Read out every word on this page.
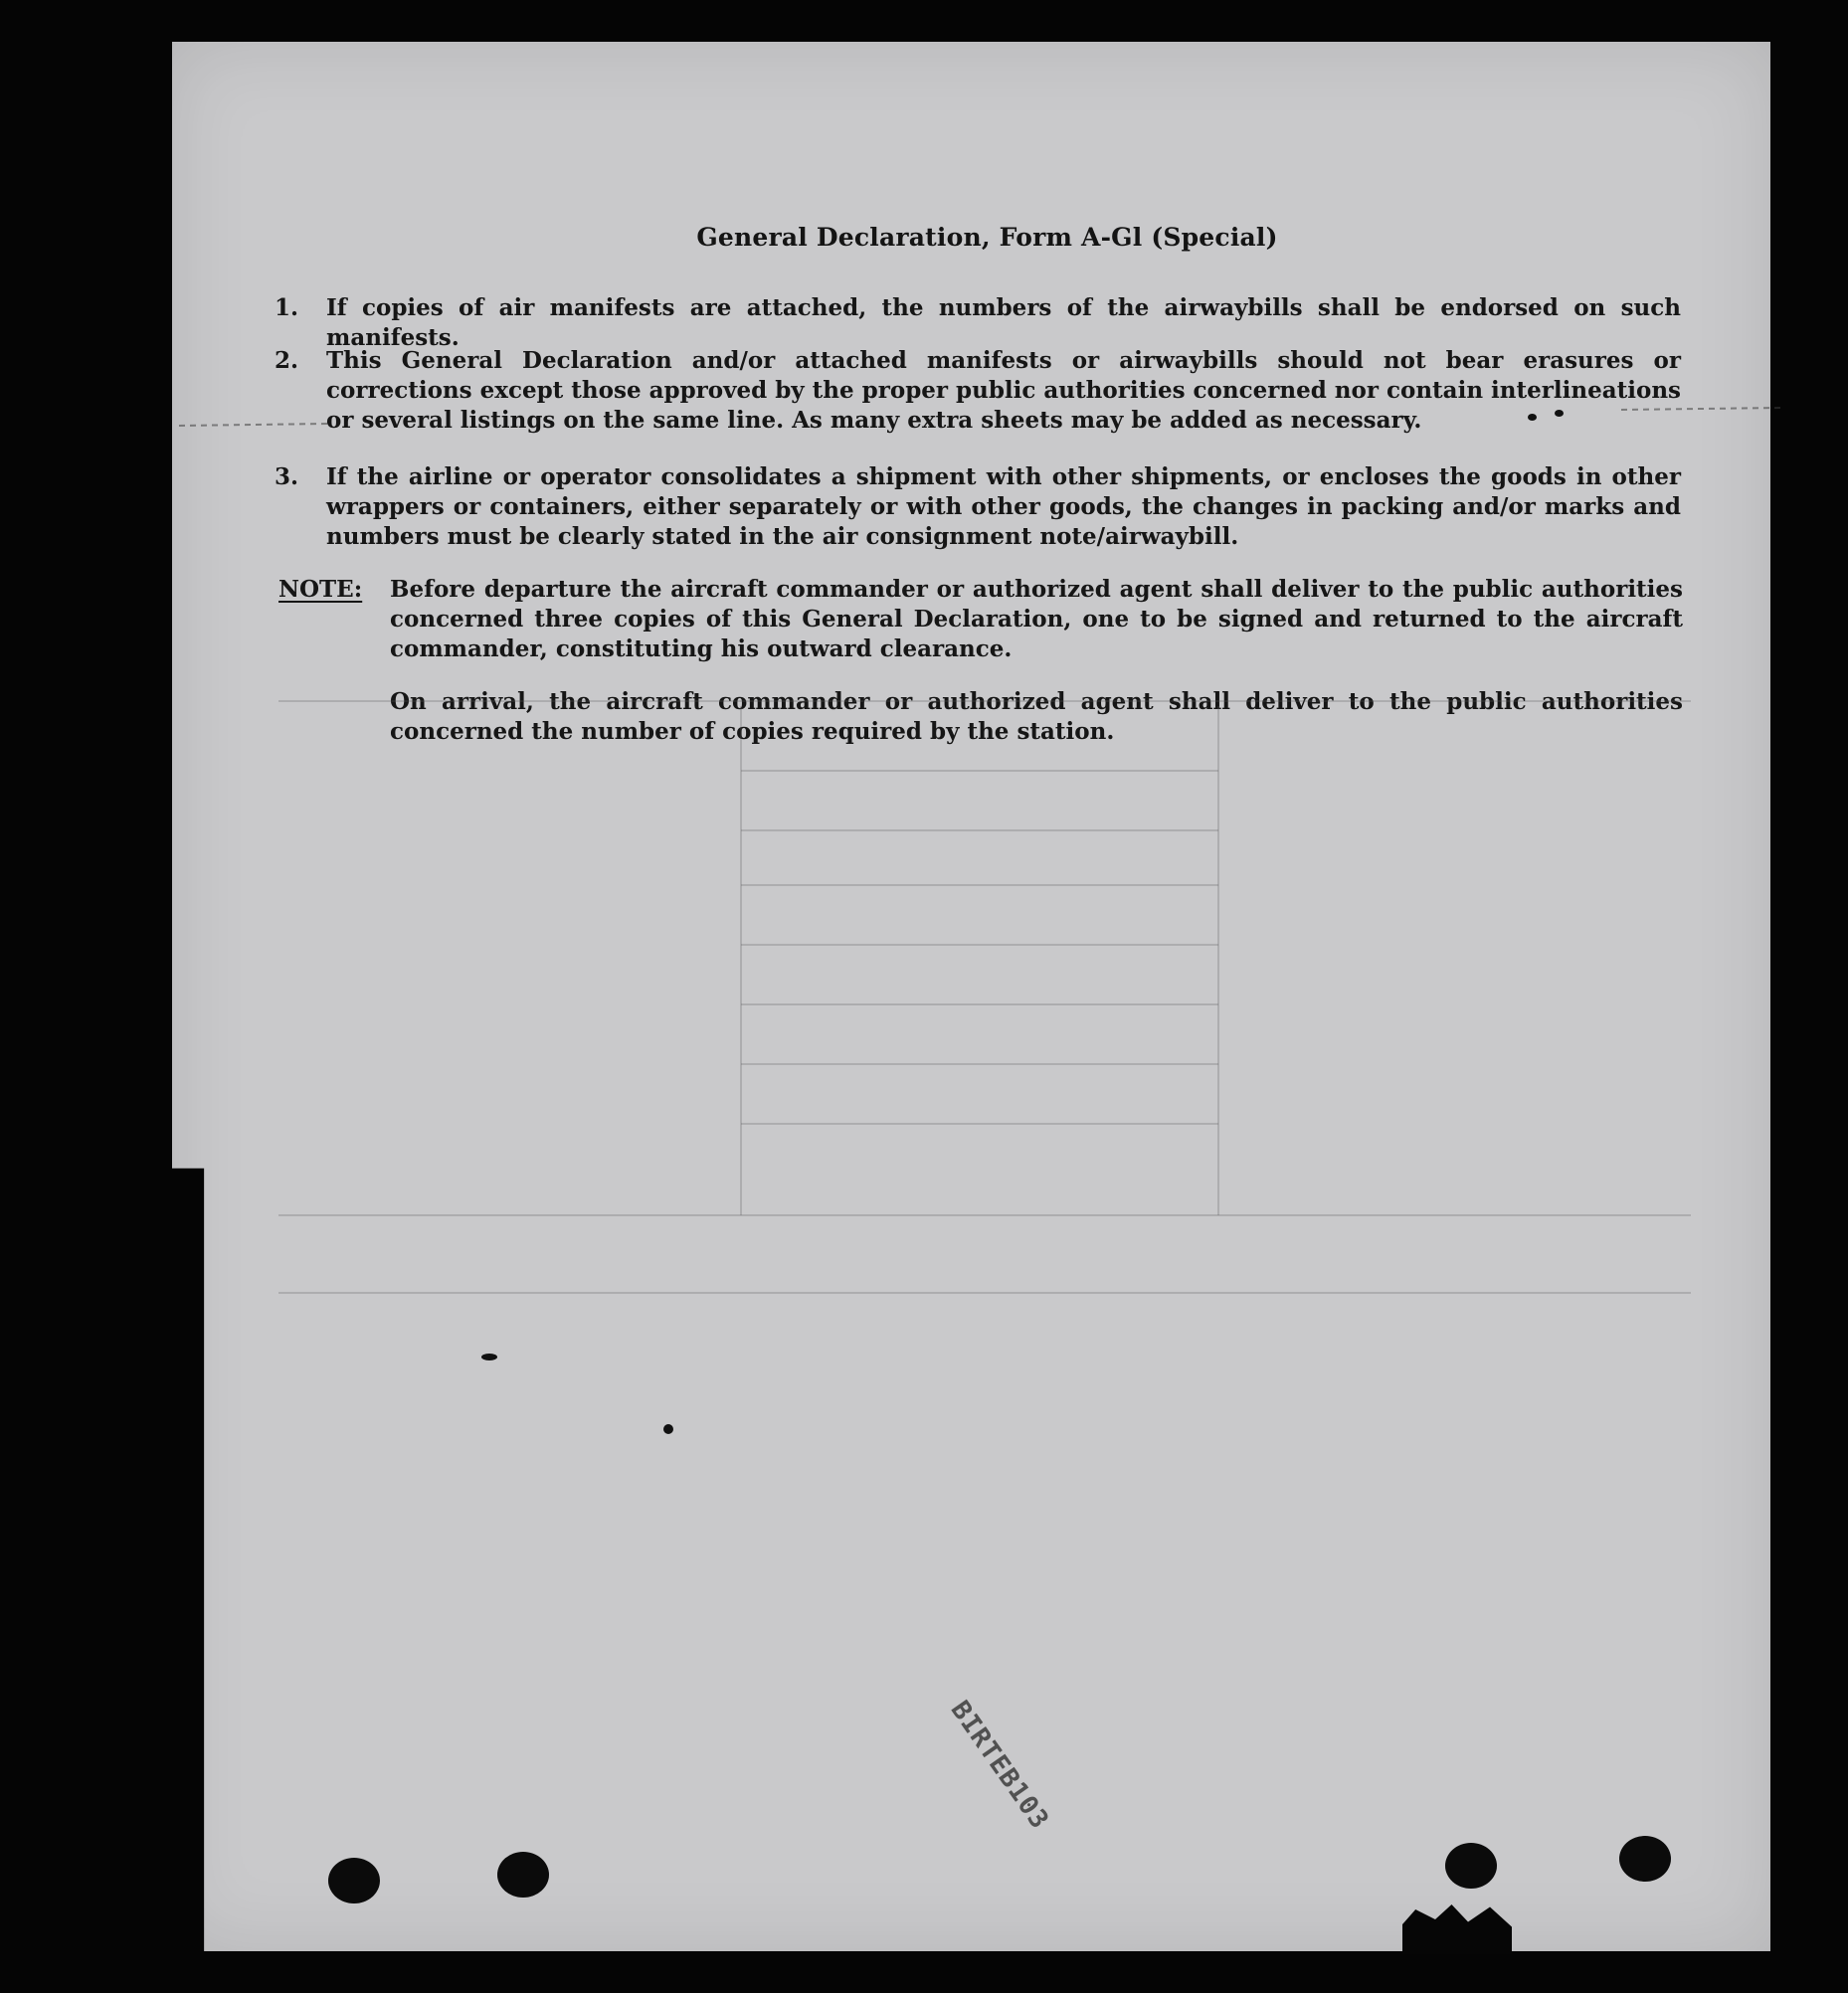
General Declaration, Form A-Gl (Special)
1. If copies of air manifests are attached, the numbers of the airwaybills shall be endorsed on such manifests.
2. This General Declaration and/or attached manifests or airwaybills should not bear erasures or corrections except those approved by the proper public authorities concerned nor contain interlineations or several listings on the same line. As many extra sheets may be added as necessary.
3. If the airline or operator consolidates a shipment with other shipments, or encloses the goods in other wrappers or containers, either separately or with other goods, the changes in packing and/or marks and numbers must be clearly stated in the air consignment note/airwaybill.
NOTE: Before departure the aircraft commander or authorized agent shall deliver to the public authorities concerned three copies of this General Declaration, one to be signed and returned to the aircraft commander, constituting his outward clearance.
On arrival, the aircraft commander or authorized agent shall deliver to the public authorities concerned the number of copies required by the station.

BIRTEB103
